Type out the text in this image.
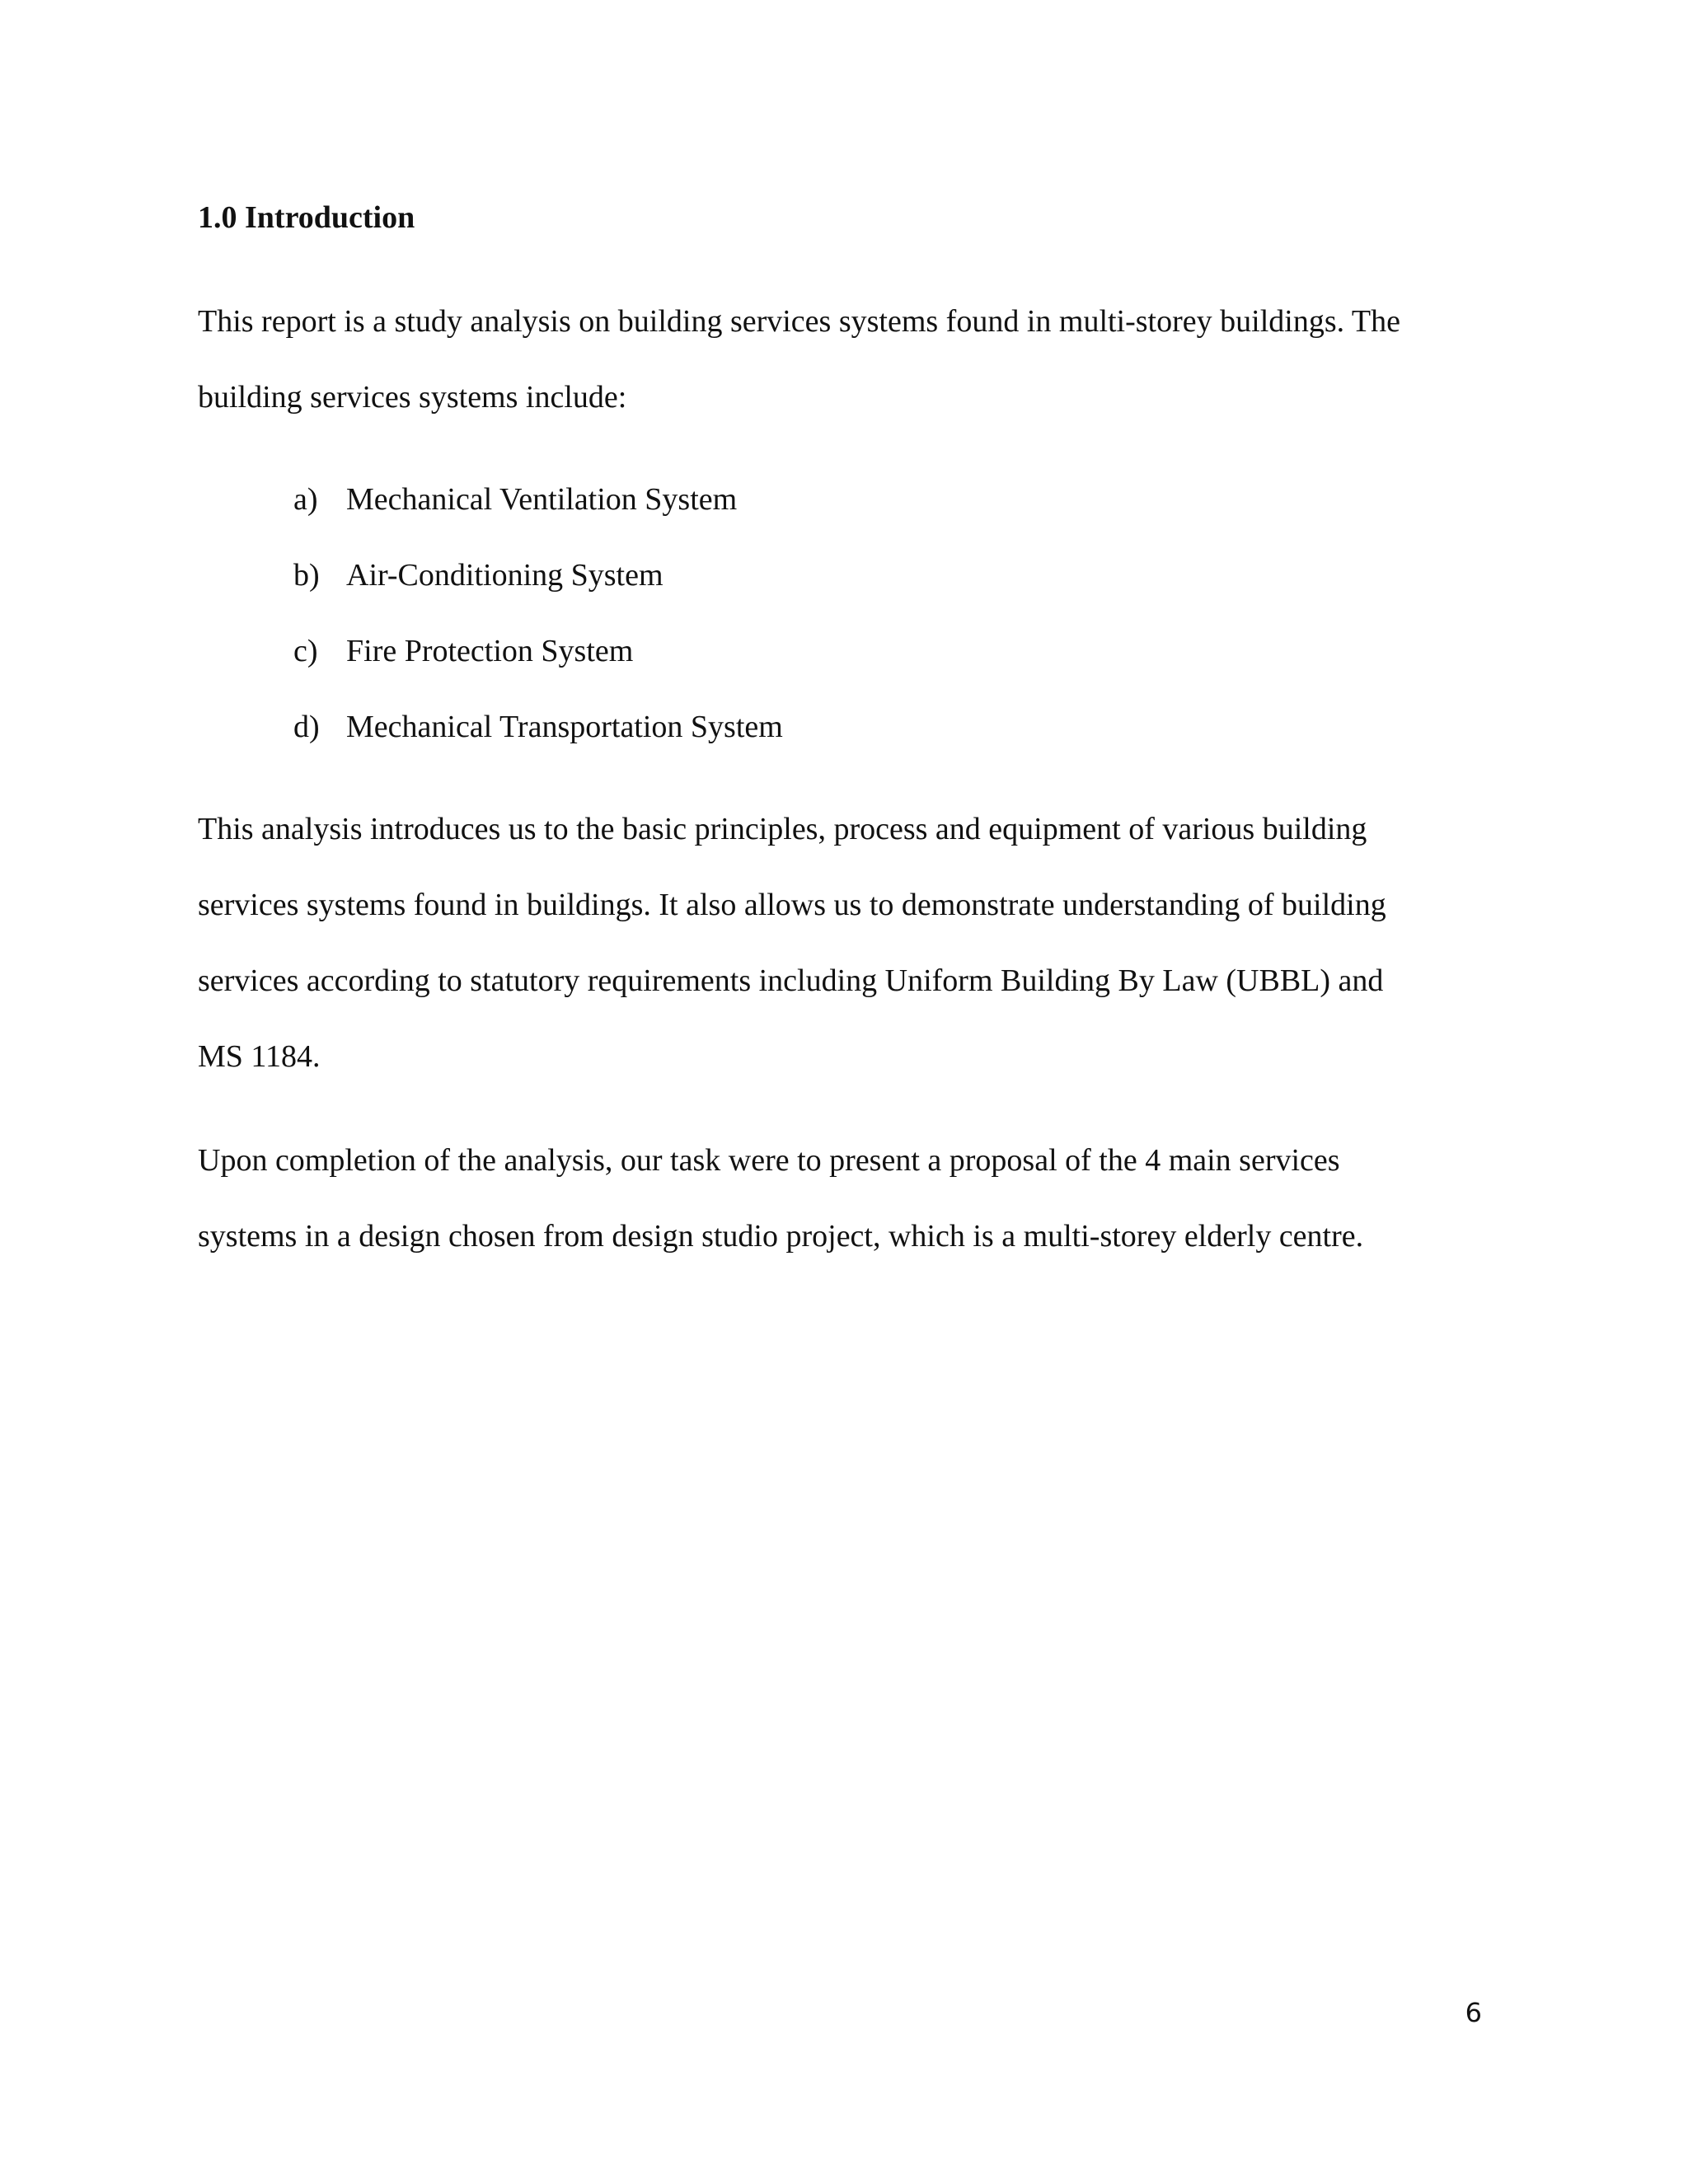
1.0 Introduction

This report is a study analysis on building services systems found in multi-storey buildings. The
building services systems include:

a) Mechanical Ventilation System
b) Air-Conditioning System
c) Fire Protection System
d) Mechanical Transportation System

This analysis introduces us to the basic principles, process and equipment of various building
services systems found in buildings. It also allows us to demonstrate understanding of building
services according to statutory requirements including Uniform Building By Law (UBBL) and
MS 1184.

Upon completion of the analysis, our task were to present a proposal of the 4 main services
systems in a design chosen from design studio project, which is a multi-storey elderly centre.

6
